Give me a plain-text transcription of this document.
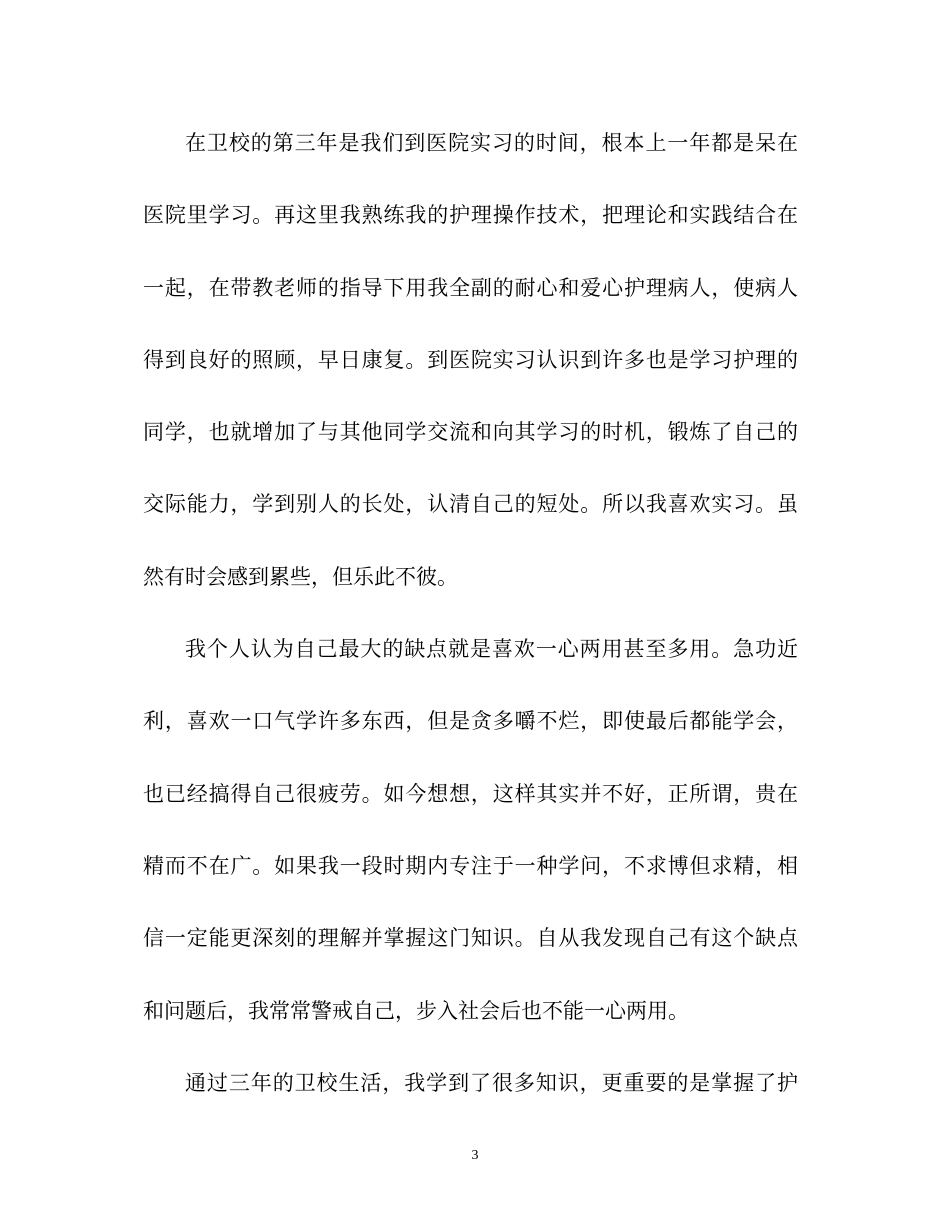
在卫校的第三年是我们到医院实习的时间，根本上一年都是呆在
医院里学习。再这里我熟练我的护理操作技术，把理论和实践结合在
一起，在带教老师的指导下用我全副的耐心和爱心护理病人，使病人
得到良好的照顾，早日康复。到医院实习认识到许多也是学习护理的
同学，也就增加了与其他同学交流和向其学习的时机，锻炼了自己的
交际能力，学到别人的长处，认清自己的短处。所以我喜欢实习。虽
然有时会感到累些，但乐此不彼。
我个人认为自己最大的缺点就是喜欢一心两用甚至多用。急功近
利，喜欢一口气学许多东西，但是贪多嚼不烂，即使最后都能学会，
也已经搞得自己很疲劳。如今想想，这样其实并不好，正所谓，贵在
精而不在广。如果我一段时期内专注于一种学问，不求博但求精，相
信一定能更深刻的理解并掌握这门知识。自从我发现自己有这个缺点
和问题后，我常常警戒自己，步入社会后也不能一心两用。
通过三年的卫校生活，我学到了很多知识，更重要的是掌握了护
3
